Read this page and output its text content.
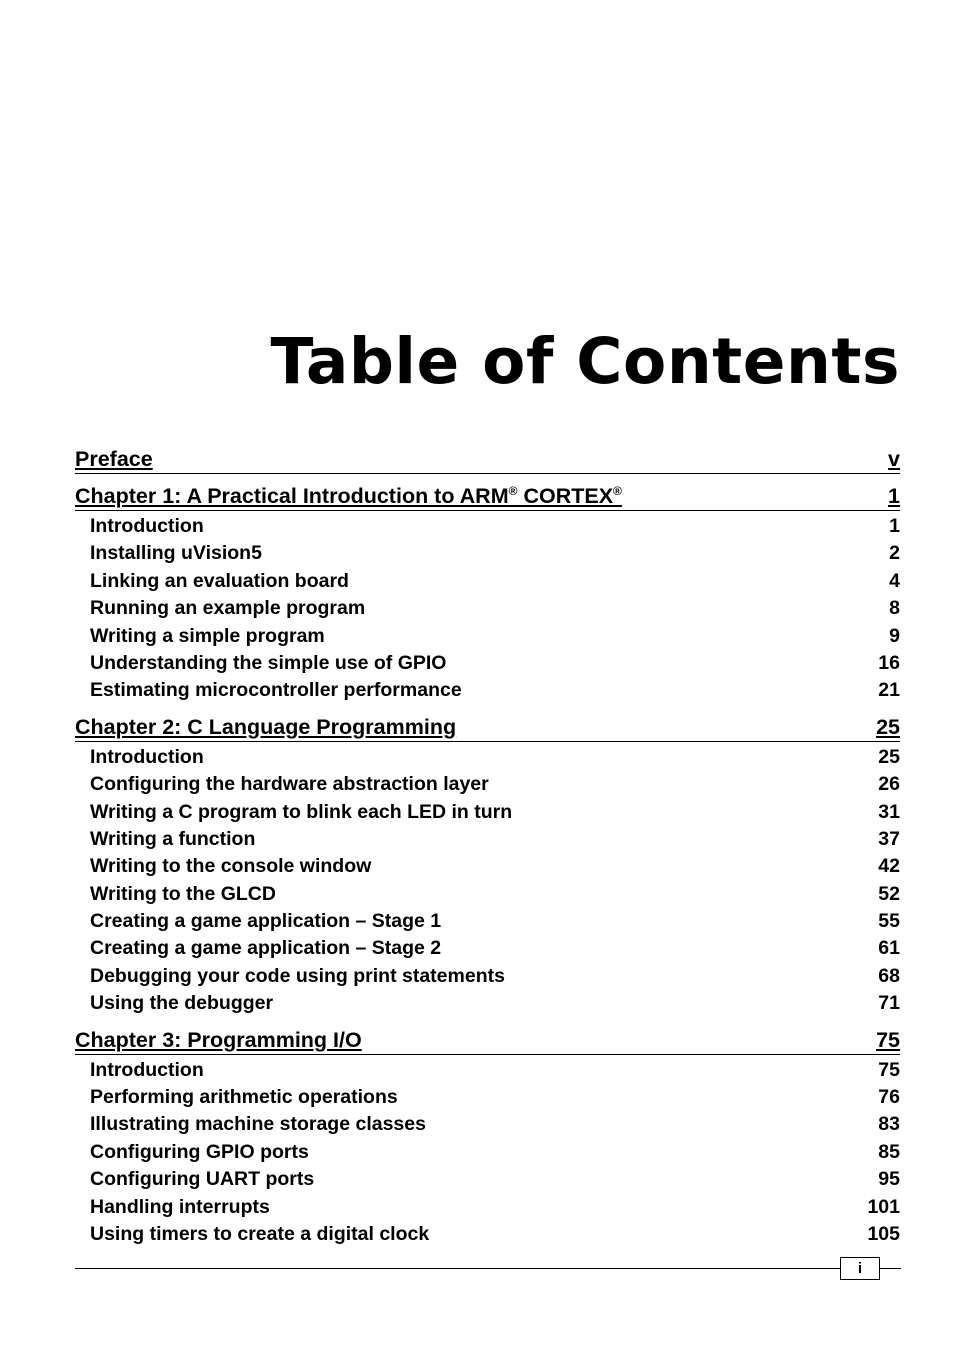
Table of Contents
Preface	v
Chapter 1: A Practical Introduction to ARM® CORTEX®	1
Introduction	1
Installing uVision5	2
Linking an evaluation board	4
Running an example program	8
Writing a simple program	9
Understanding the simple use of GPIO	16
Estimating microcontroller performance	21
Chapter 2: C Language Programming	25
Introduction	25
Configuring the hardware abstraction layer	26
Writing a C program to blink each LED in turn	31
Writing a function	37
Writing to the console window	42
Writing to the GLCD	52
Creating a game application – Stage 1	55
Creating a game application – Stage 2	61
Debugging your code using print statements	68
Using the debugger	71
Chapter 3: Programming I/O	75
Introduction	75
Performing arithmetic operations	76
Illustrating machine storage classes	83
Configuring GPIO ports	85
Configuring UART ports	95
Handling interrupts	101
Using timers to create a digital clock	105
i
